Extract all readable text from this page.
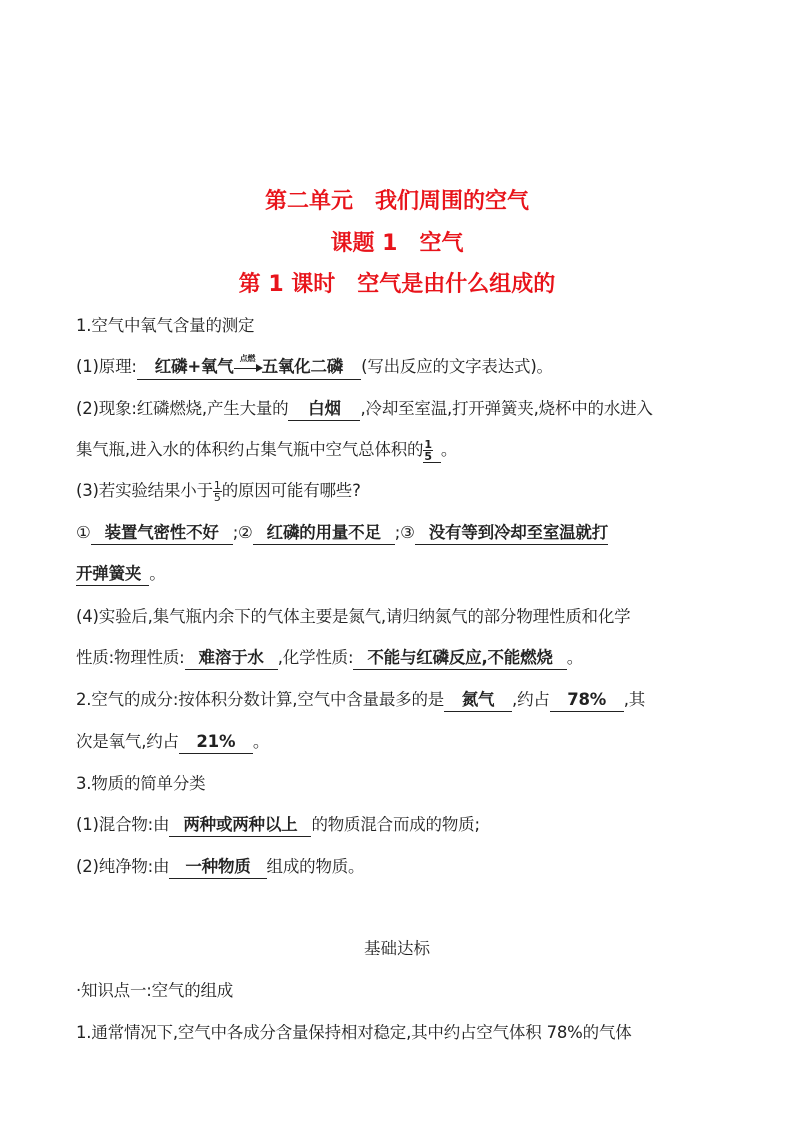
第二单元　我们周围的空气
课题 1　空气
第 1 课时　空气是由什么组成的
1.空气中氧气含量的测定
(1)原理: 红磷+氧气 点燃 五氧化二磷 (写出反应的文字表达式)。
(2)现象:红磷燃烧,产生大量的 白烟 ,冷却至室温,打开弹簧夹,烧杯中的水进入
集气瓶,进入水的体积约占集气瓶中空气总体积的 $\frac{1}{5}$ 。
(3)若实验结果小于 $\frac{1}{5}$ 的原因可能有哪些?
① 装置气密性不好 ;② 红磷的用量不足 ;③ 没有等到冷却至室温就打
开弹簧夹 。
(4)实验后,集气瓶内余下的气体主要是氮气,请归纳氮气的部分物理性质和化学
性质:物理性质: 难溶于水 ,化学性质: 不能与红磷反应,不能燃烧 。
2.空气的成分:按体积分数计算,空气中含量最多的是 氮气 ,约占 78% ,其
次是氧气,约占 21% 。
3.物质的简单分类
(1)混合物:由 两种或两种以上 的物质混合而成的物质;
(2)纯净物:由 一种物质 组成的物质。
基础达标
·知识点一:空气的组成
1.通常情况下,空气中各成分含量保持相对稳定,其中约占空气体积 78%的气体
